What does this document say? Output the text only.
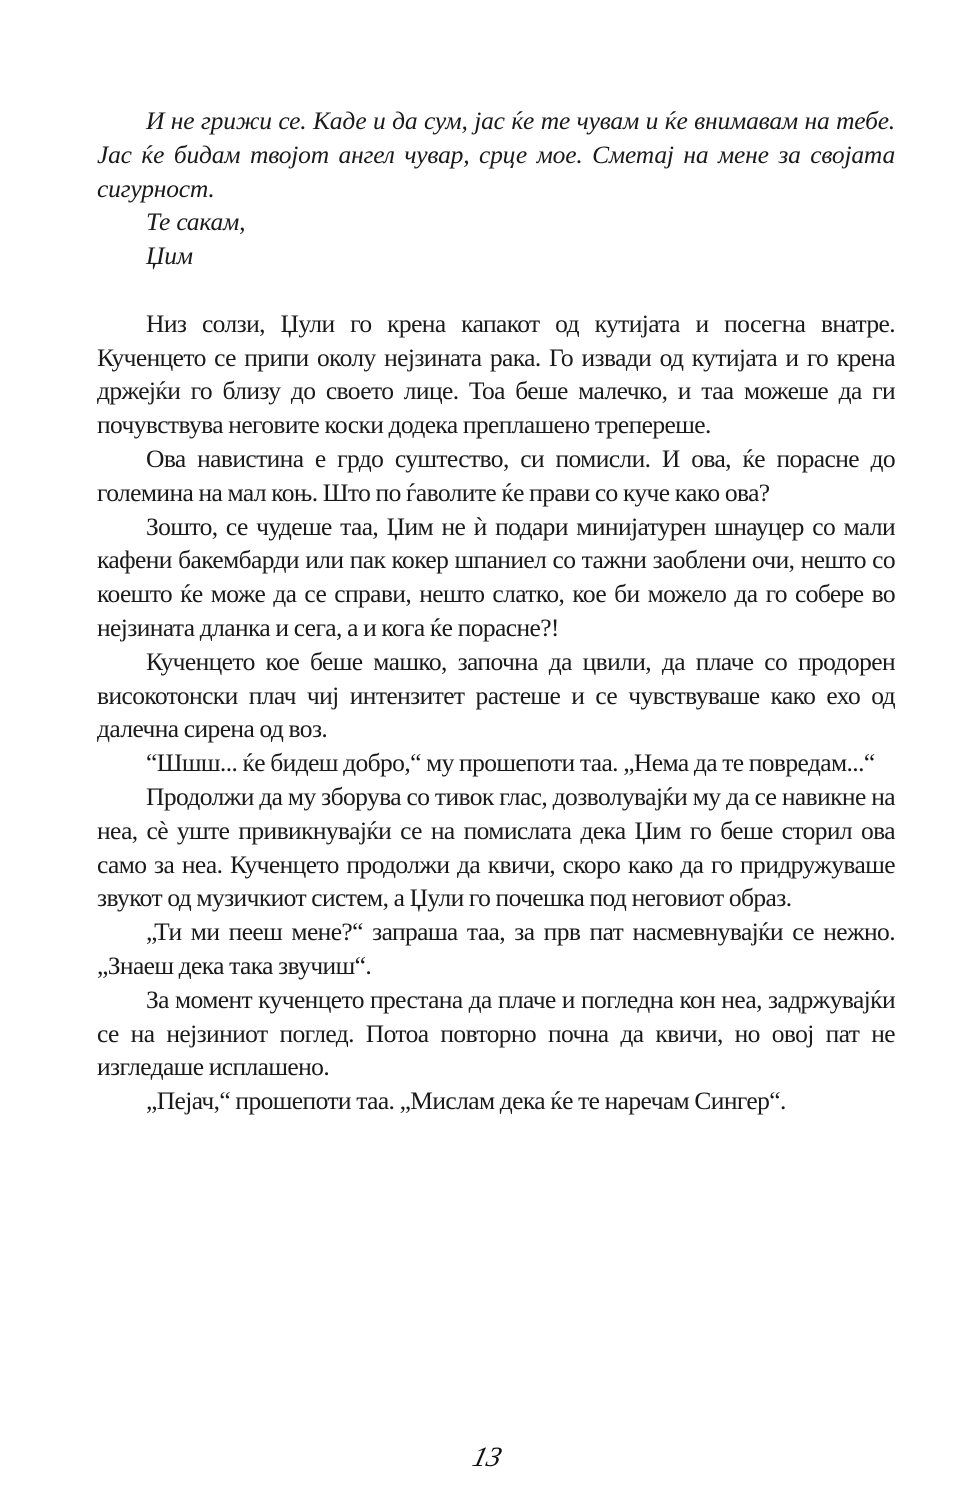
И не грижи се. Каде и да сум, јас ќе те чувам и ќе внимавам на тебе. Јас ќе бидам твојот ангел чувар, срце мое. Сметај на мене за својата сигурност.

Те сакам,

Џим

Низ солзи, Џули го крена капакот од кутијата и посегна внатре. Кученцето се припи околу нејзината рака. Го извади од кутијата и го крена држејќи го близу до своето лице. Тоа беше малечко, и таа можеше да ги почувствува неговите коски додека преплашено трепереше.

Ова навистина е грдо суштество, си помисли. И ова, ќе порасне до големина на мал коњ. Што по ѓаволите ќе прави со куче како ова?

Зошто, се чудеше таа, Џим не ѝ подари минијатурен шнауцер со мали кафени бакембарди или пак кокер шпаниел со тажни заоблени очи, нешто со коешто ќе може да се справи, нешто слатко, кое би можело да го собере во нејзината дланка и сега, а и кога ќе порасне?!

Кученцето кое беше машко, започна да цвили, да плаче со продорен високотонски плач чиј интензитет растеше и се чувствуваше како ехо од далечна сирена од воз.

“Шшш... ќе бидеш добро,“ му прошепоти таа. „Нема да те повредам...“

Продолжи да му зборува со тивок глас, дозволувајќи му да се навикне на неа, сѐ уште привикнувајќи се на помислата дека Џим го беше сторил ова само за неа. Кученцето продолжи да квичи, скоро како да го придружуваше звукот од музичкиот систем, а Џули го почешка под неговиот образ.

„Ти ми пееш мене?“ запраша таа, за прв пат насмевнувајќи се нежно. „Знаеш дека така звучиш“.

За момент кученцето престана да плаче и погледна кон неа, задржувајќи се на нејзиниот поглед. Потоа повторно почна да квичи, но овој пат не изгледаше исплашено.

„Пејач,“ прошепоти таа. „Мислам дека ќе те наречам Сингер“.

13
